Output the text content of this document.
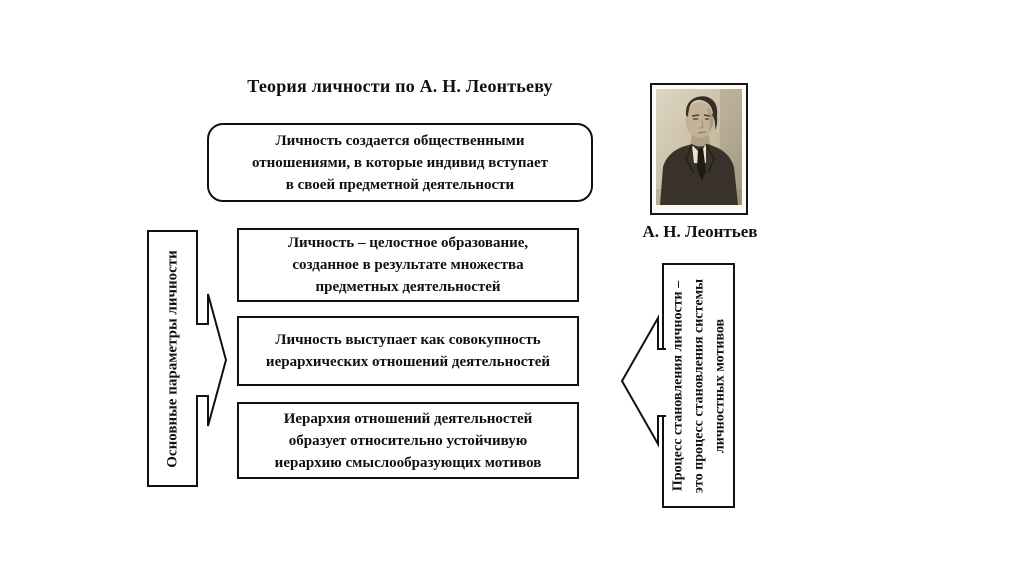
Теория личности по А. Н. Леонтьеву
А. Н. Леонтьев
Личность создается общественными
отношениями, в которые индивид вступает
в своей предметной деятельности
Личность – целостное образование,
созданное в результате множества
предметных деятельностей
Личность выступает как совокупность
иерархических отношений деятельностей
Иерархия отношений деятельностей
образует относительно устойчивую
иерархию смыслообразующих мотивов
Основные параметры личности	Процесс становления личности – это процесс становления системы личностных мотивов
